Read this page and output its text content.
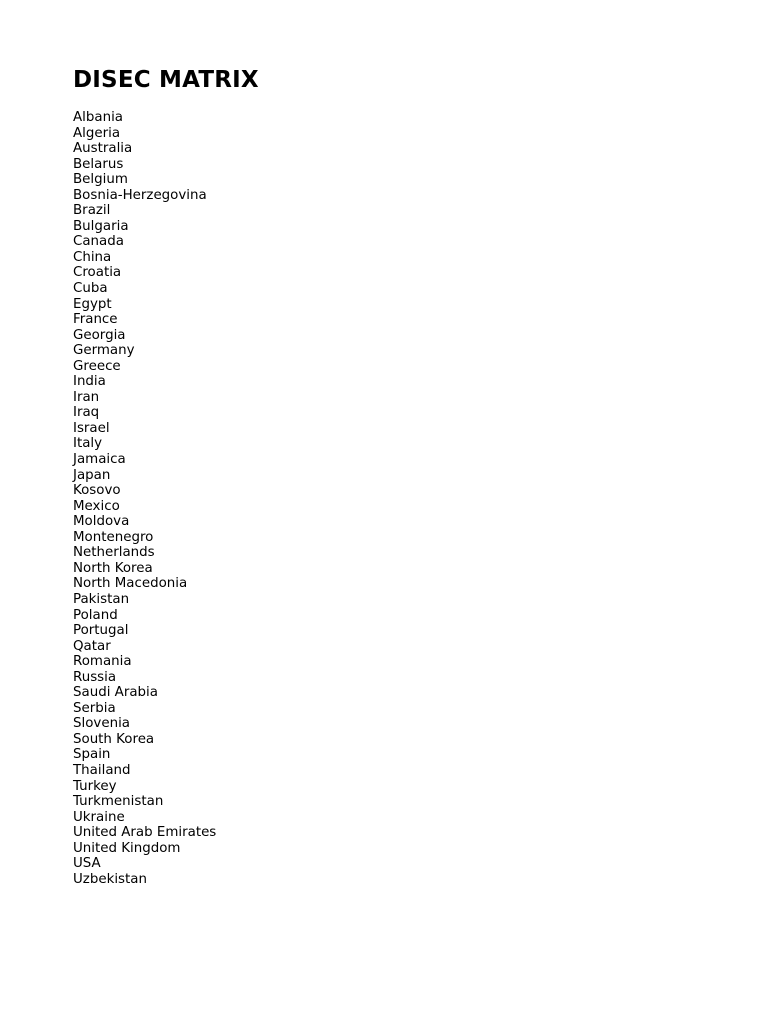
DISEC MATRIX
Albania
Algeria
Australia
Belarus
Belgium
Bosnia-Herzegovina
Brazil
Bulgaria
Canada
China
Croatia
Cuba
Egypt
France
Georgia
Germany
Greece
India
Iran
Iraq
Israel
Italy
Jamaica
Japan
Kosovo
Mexico
Moldova
Montenegro
Netherlands
North Korea
North Macedonia
Pakistan
Poland
Portugal
Qatar
Romania
Russia
Saudi Arabia
Serbia
Slovenia
South Korea
Spain
Thailand
Turkey
Turkmenistan
Ukraine
United Arab Emirates
United Kingdom
USA
Uzbekistan
